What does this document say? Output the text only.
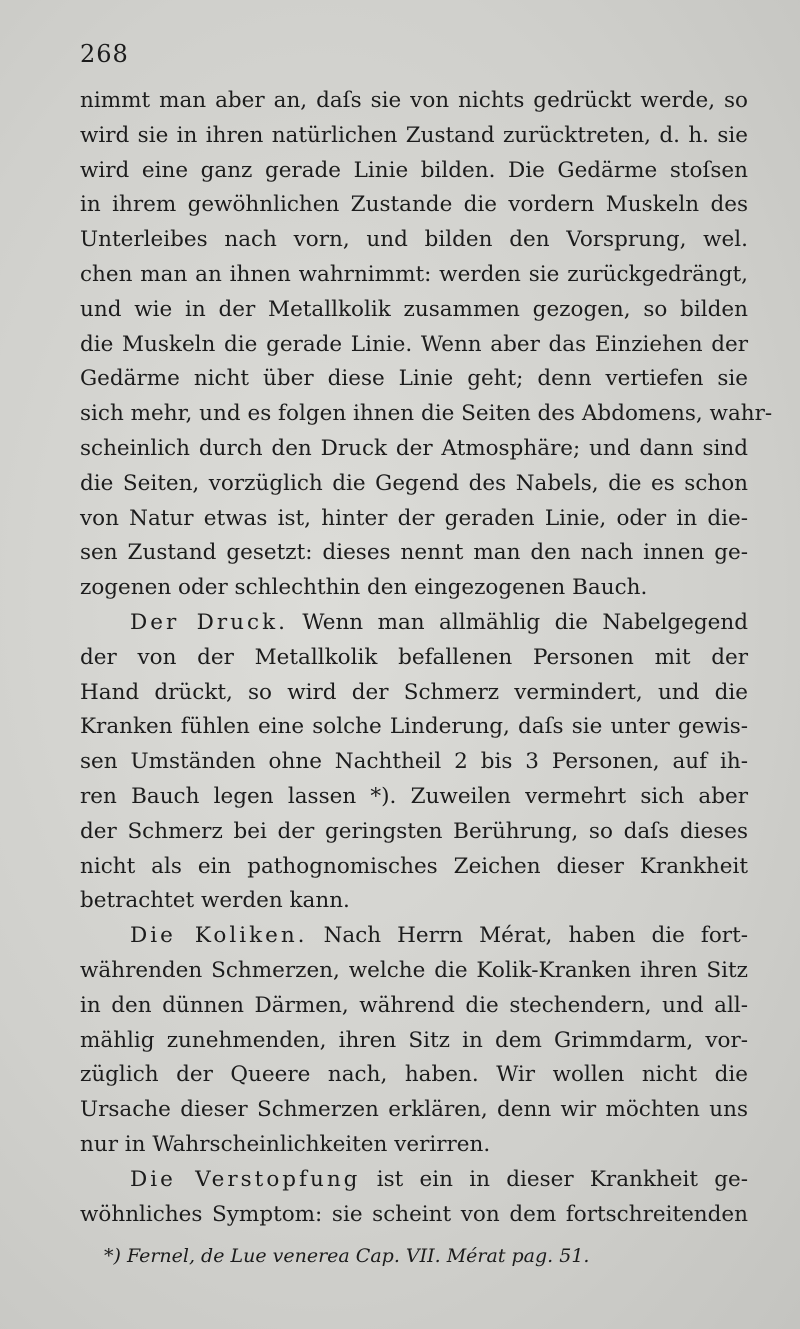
268
nimmt man aber an, daſs sie von nichts gedrückt werde, so
wird sie in ihren natürlichen Zustand zurücktreten, d. h. sie
wird eine ganz gerade Linie bilden. Die Gedärme stoſsen
in ihrem gewöhnlichen Zustande die vordern Muskeln des
Unterleibes nach vorn, und bilden den Vorsprung, wel.
chen man an ihnen wahrnimmt: werden sie zurückgedrängt,
und wie in der Metallkolik zusammen gezogen, so bilden
die Muskeln die gerade Linie. Wenn aber das Einziehen der
Gedärme nicht über diese Linie geht; denn vertiefen sie
sich mehr, und es folgen ihnen die Seiten des Abdomens, wahr-
scheinlich durch den Druck der Atmosphäre; und dann sind
die Seiten, vorzüglich die Gegend des Nabels, die es schon
von Natur etwas ist, hinter der geraden Linie, oder in die-
sen Zustand gesetzt: dieses nennt man den nach innen ge-
zogenen oder schlechthin den eingezogenen Bauch.
Der Druck. Wenn man allmählig die Nabelgegend
der von der Metallkolik befallenen Personen mit der
Hand drückt, so wird der Schmerz vermindert, und die
Kranken fühlen eine solche Linderung, daſs sie unter gewis-
sen Umständen ohne Nachtheil 2 bis 3 Personen, auf ih-
ren Bauch legen lassen *). Zuweilen vermehrt sich aber
der Schmerz bei der geringsten Berührung, so daſs dieses
nicht als ein pathognomisches Zeichen dieser Krankheit
betrachtet werden kann.
Die Koliken. Nach Herrn Mérat, haben die fort-
währenden Schmerzen, welche die Kolik-Kranken ihren Sitz
in den dünnen Därmen, während die stechendern, und all-
mählig zunehmenden, ihren Sitz in dem Grimmdarm, vor-
züglich der Queere nach, haben. Wir wollen nicht die
Ursache dieser Schmerzen erklären, denn wir möchten uns
nur in Wahrscheinlichkeiten verirren.
Die Verstopfung ist ein in dieser Krankheit ge-
wöhnliches Symptom: sie scheint von dem fortschreitenden
*) Fernel, de Lue venerea Cap. VII. Mérat pag. 51.
